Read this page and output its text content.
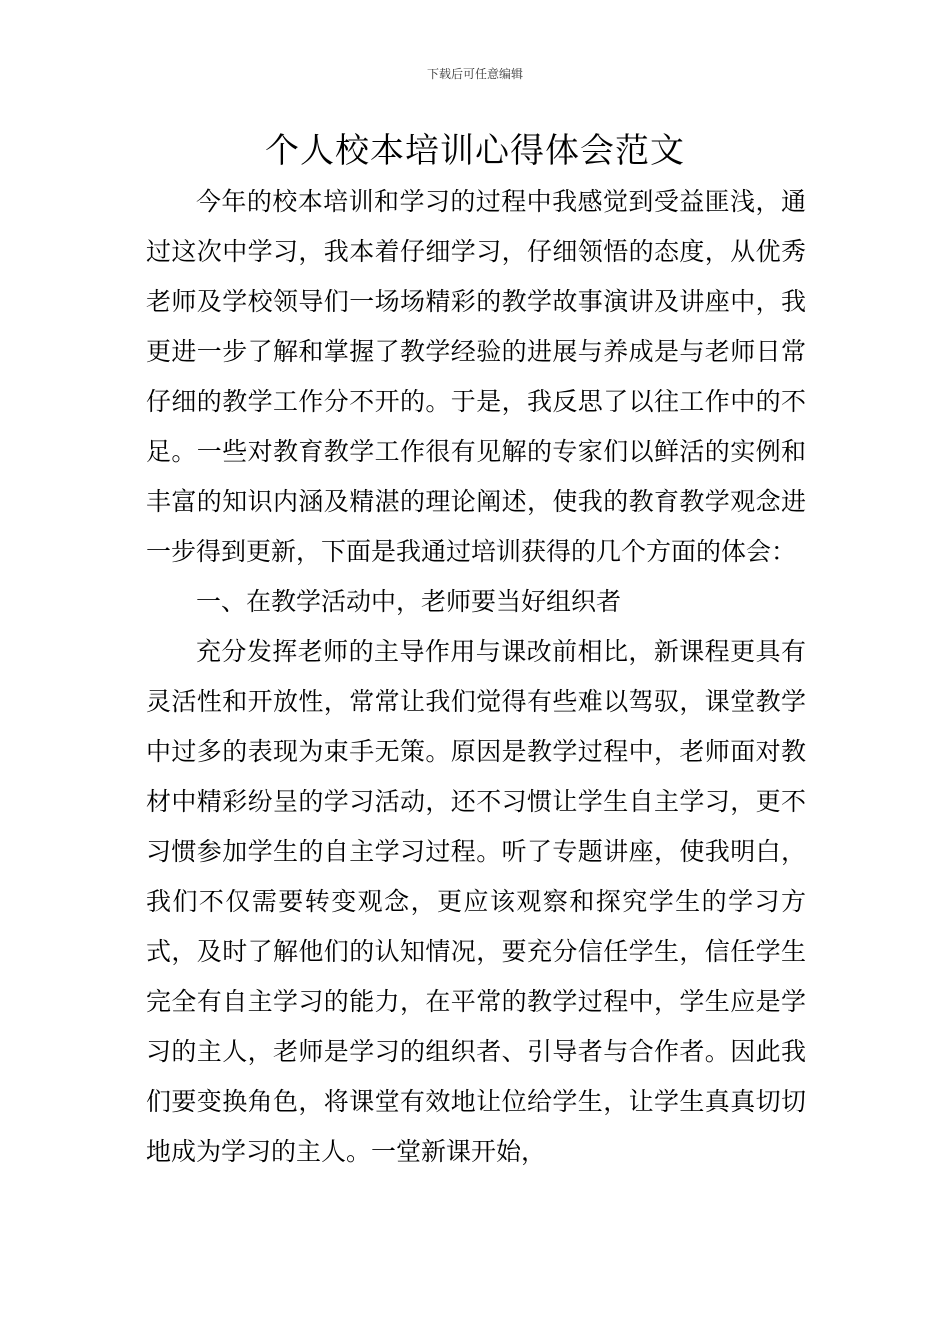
下载后可任意编辑
个人校本培训心得体会范文

今年的校本培训和学习的过程中我感觉到受益匪浅，通过这次中学习，我本着仔细学习，仔细领悟的态度，从优秀老师及学校领导们一场场精彩的教学故事演讲及讲座中，我更进一步了解和掌握了教学经验的进展与养成是与老师日常仔细的教学工作分不开的。于是，我反思了以往工作中的不足。一些对教育教学工作很有见解的专家们以鲜活的实例和丰富的知识内涵及精湛的理论阐述，使我的教育教学观念进一步得到更新，下面是我通过培训获得的几个方面的体会：

一、在教学活动中，老师要当好组织者

充分发挥老师的主导作用与课改前相比，新课程更具有灵活性和开放性，常常让我们觉得有些难以驾驭，课堂教学中过多的表现为束手无策。原因是教学过程中，老师面对教材中精彩纷呈的学习活动，还不习惯让学生自主学习，更不习惯参加学生的自主学习过程。听了专题讲座，使我明白，我们不仅需要转变观念，更应该观察和探究学生的学习方式，及时了解他们的认知情况，要充分信任学生，信任学生完全有自主学习的能力，在平常的教学过程中，学生应是学习的主人，老师是学习的组织者、引导者与合作者。因此我们要变换角色，将课堂有效地让位给学生，让学生真真切切地成为学习的主人。一堂新课开始，
